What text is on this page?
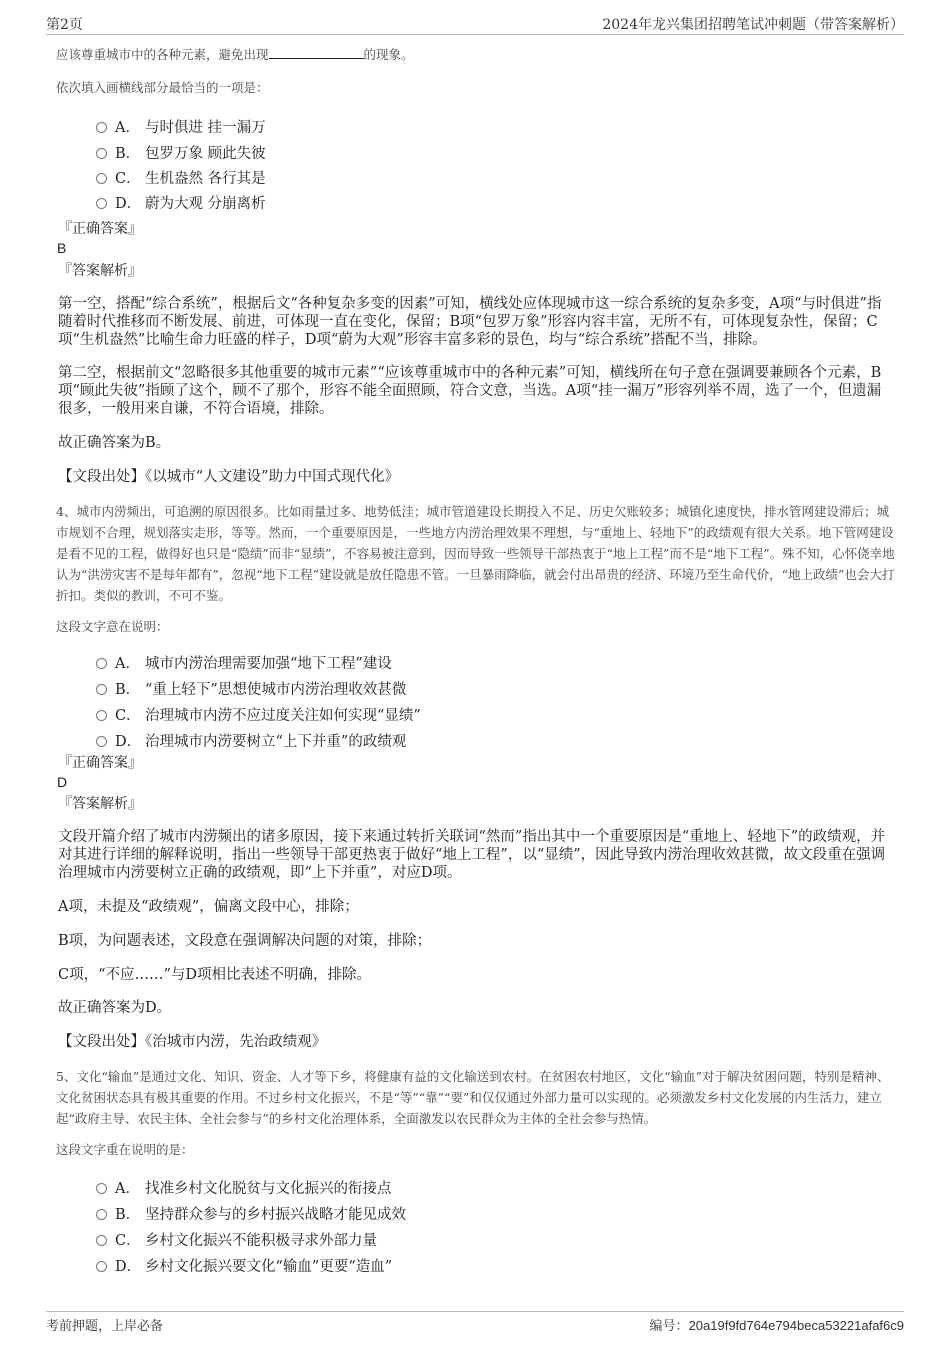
第2页	2024年龙兴集团招聘笔试冲刺题（带答案解析）
应该尊重城市中的各种元素，避免出现	的现象。
依次填入画横线部分最恰当的一项是：
A． 与时俱进 挂一漏万
B． 包罗万象 顾此失彼
C． 生机盎然 各行其是
D． 蔚为大观 分崩离析
『正确答案』
B
『答案解析』
第一空，搭配“综合系统”，根据后文“各种复杂多变的因素”可知，横线处应体现城市这一综合系统的复杂多变，A项“与时俱进”指随着时代推移而不断发展、前进，可体现一直在变化，保留；B项“包罗万象”形容内容丰富，无所不有，可体现复杂性，保留；C项“生机盎然”比喻生命力旺盛的样子，D项“蔚为大观”形容丰富多彩的景色，均与“综合系统”搭配不当，排除。
第二空，根据前文“忽略很多其他重要的城市元素”“应该尊重城市中的各种元素”可知，横线所在句子意在强调要兼顾各个元素，B项“顾此失彼”指顾了这个，顾不了那个，形容不能全面照顾，符合文意，当选。A项“挂一漏万”形容列举不周，选了一个，但遗漏很多，一般用来自谦，不符合语境，排除。
故正确答案为B。
【文段出处】《以城市“人文建设”助力中国式现代化》
4、城市内涝频出，可追溯的原因很多。比如雨量过多、地势低洼；城市管道建设长期投入不足、历史欠账较多；城镇化速度快，排水管网建设滞后；城市规划不合理，规划落实走形，等等。然而，一个重要原因是，一些地方内涝治理效果不理想，与“重地上、轻地下”的政绩观有很大关系。地下管网建设是看不见的工程，做得好也只是“隐绩”而非“显绩”，不容易被注意到，因而导致一些领导干部热衷于“地上工程”而不是“地下工程”。殊不知，心怀侥幸地认为“洪涝灾害不是每年都有”，忽视“地下工程”建设就是放任隐患不管。一旦暴雨降临，就会付出昂贵的经济、环境乃至生命代价，“地上政绩”也会大打折扣。类似的教训，不可不鉴。
这段文字意在说明：
A． 城市内涝治理需要加强“地下工程”建设
B． “重上轻下”思想使城市内涝治理收效甚微
C． 治理城市内涝不应过度关注如何实现“显绩”
D． 治理城市内涝要树立“上下并重”的政绩观
『正确答案』
D
『答案解析』
文段开篇介绍了城市内涝频出的诸多原因，接下来通过转折关联词“然而”指出其中一个重要原因是“重地上、轻地下”的政绩观，并对其进行详细的解释说明，指出一些领导干部更热衷于做好“地上工程”，以“显绩”，因此导致内涝治理收效甚微，故文段重在强调治理城市内涝要树立正确的政绩观，即“上下并重”，对应D项。
A项，未提及“政绩观”，偏离文段中心，排除；
B项，为问题表述，文段意在强调解决问题的对策，排除；
C项，“不应……”与D项相比表述不明确，排除。
故正确答案为D。
【文段出处】《治城市内涝，先治政绩观》
5、文化“输血”是通过文化、知识、资金、人才等下乡，将健康有益的文化输送到农村。在贫困农村地区，文化“输血”对于解决贫困问题，特别是精神、文化贫困状态具有极其重要的作用。不过乡村文化振兴，不是“等”“靠”“要”和仅仅通过外部力量可以实现的。必须激发乡村文化发展的内生活力，建立起“政府主导、农民主体、全社会参与”的乡村文化治理体系，全面激发以农民群众为主体的全社会参与热情。
这段文字重在说明的是：
A． 找准乡村文化脱贫与文化振兴的衔接点
B． 坚持群众参与的乡村振兴战略才能见成效
C． 乡村文化振兴不能积极寻求外部力量
D． 乡村文化振兴要文化“输血”更要“造血”
考前押题，上岸必备	编号：20a19f9fd764e794beca53221afaf6c9
